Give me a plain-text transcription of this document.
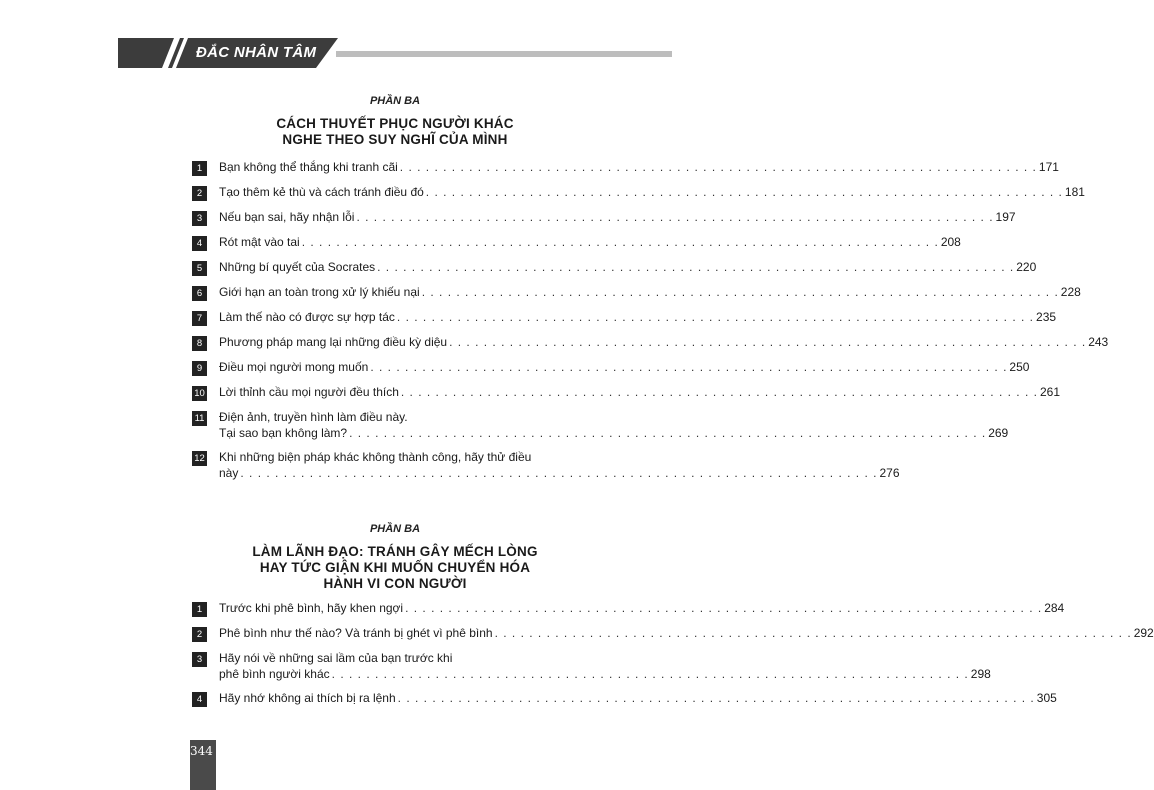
ĐẮC NHÂN TÂM
PHẦN BA
CÁCH THUYẾT PHỤC NGƯỜI KHÁC
NGHE THEO SUY NGHĨ CỦA MÌNH
1	Bạn không thể thắng khi tranh cãi . . .	171
2	Tạo thêm kẻ thù và cách tránh điều đó . . .	181
3	Nếu bạn sai, hãy nhận lỗi . . .	197
4	Rót mật vào tai . . .	208
5	Những bí quyết của Socrates . . .	220
6	Giới hạn an toàn trong xử lý khiếu nại . . .	228
7	Làm thế nào có được sự hợp tác . . .	235
8	Phương pháp mang lại những điều kỳ diệu . . .	243
9	Điều mọi người mong muốn . . .	250
10 Lời thỉnh cầu mọi người đều thích . . .	261
11 Điện ảnh, truyền hình làm điều này.
Tại sao bạn không làm? . . .	269
12 Khi những biện pháp khác không thành công, hãy thử điều
này . . .	276
PHẦN BA
LÀM LÃNH ĐẠO: TRÁNH GÂY MẾCH LÒNG
HAY TỨC GIẬN KHI MUỐN CHUYỂN HÓA
HÀNH VI CON NGƯỜI
1	Trước khi phê bình, hãy khen ngợi . . .	284
2	Phê bình như thế nào? Và tránh bị ghét vì phê bình . . .	292
3	Hãy nói về những sai lầm của bạn trước khi
phê bình người khác . . .	298
4	Hãy nhớ không ai thích bị ra lệnh . . .	305
344
